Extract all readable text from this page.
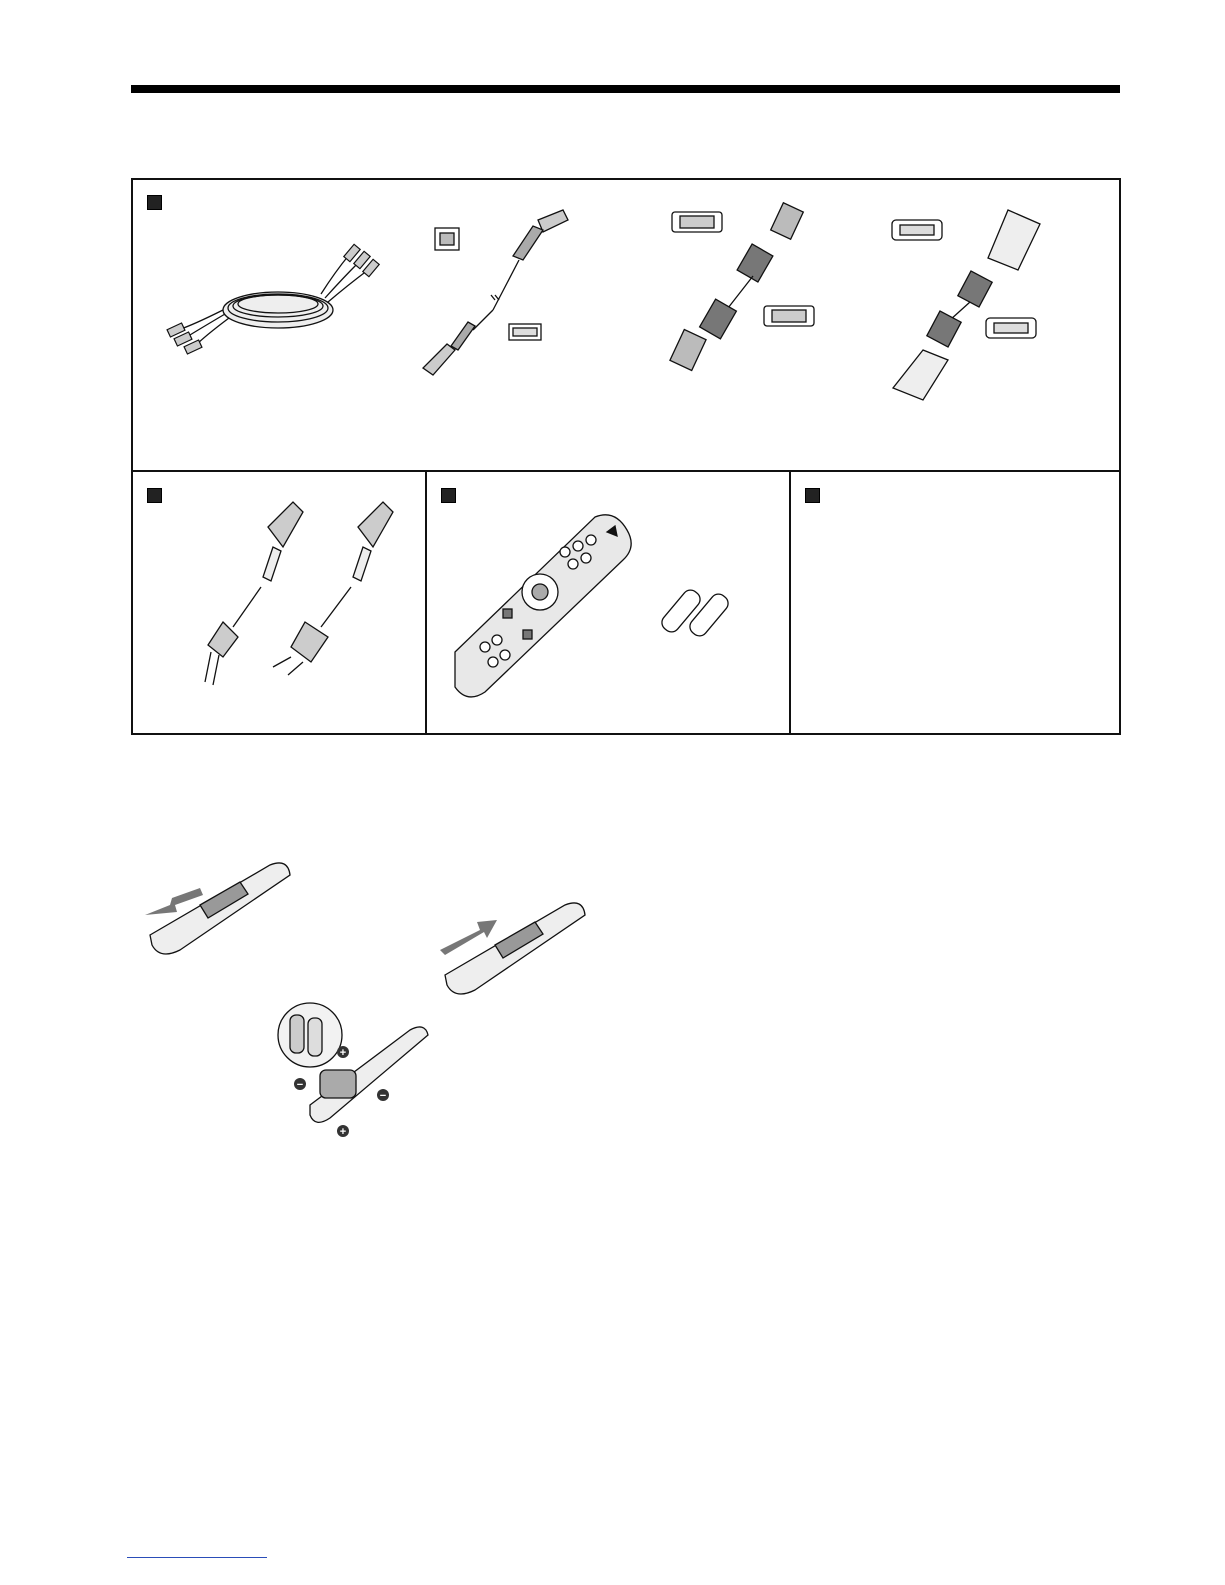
+
−
−
+
